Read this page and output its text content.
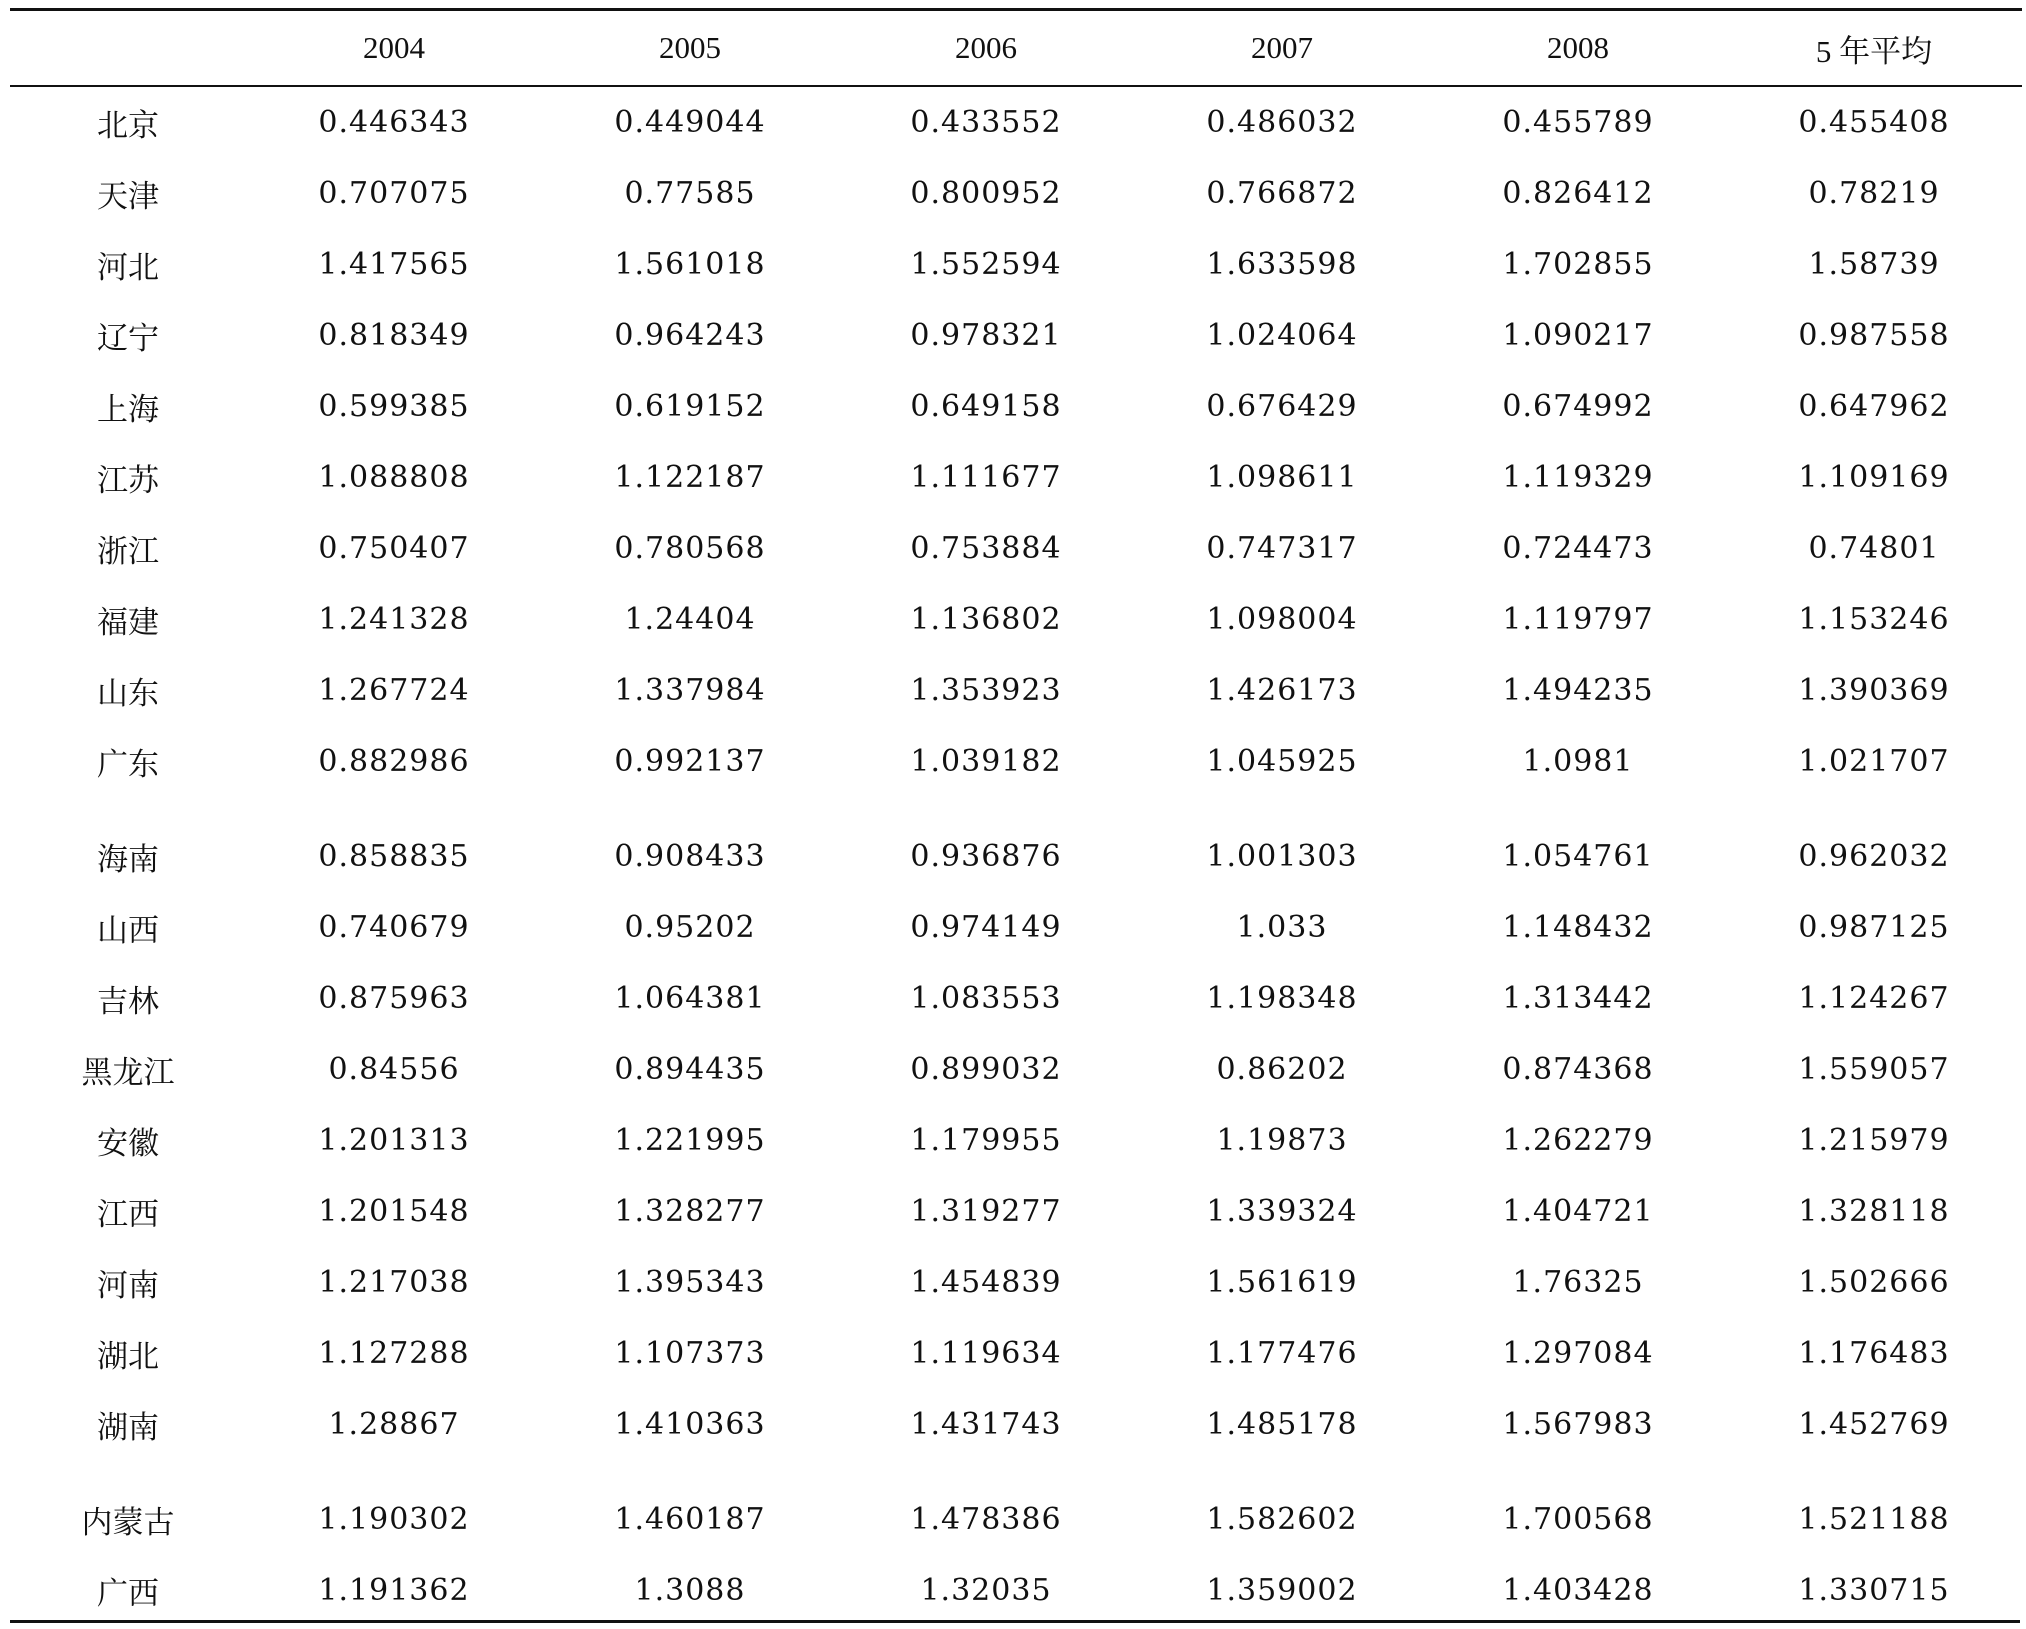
	2004	2005	2006	2007	2008	5 年平均
北京	0.446343	0.449044	0.433552	0.486032	0.455789	0.455408
天津	0.707075	0.77585	0.800952	0.766872	0.826412	0.78219
河北	1.417565	1.561018	1.552594	1.633598	1.702855	1.58739
辽宁	0.818349	0.964243	0.978321	1.024064	1.090217	0.987558
上海	0.599385	0.619152	0.649158	0.676429	0.674992	0.647962
江苏	1.088808	1.122187	1.111677	1.098611	1.119329	1.109169
浙江	0.750407	0.780568	0.753884	0.747317	0.724473	0.74801
福建	1.241328	1.24404	1.136802	1.098004	1.119797	1.153246
山东	1.267724	1.337984	1.353923	1.426173	1.494235	1.390369
广东	0.882986	0.992137	1.039182	1.045925	1.0981	1.021707
海南	0.858835	0.908433	0.936876	1.001303	1.054761	0.962032
山西	0.740679	0.95202	0.974149	1.033	1.148432	0.987125
吉林	0.875963	1.064381	1.083553	1.198348	1.313442	1.124267
黑龙江	0.84556	0.894435	0.899032	0.86202	0.874368	1.559057
安徽	1.201313	1.221995	1.179955	1.19873	1.262279	1.215979
江西	1.201548	1.328277	1.319277	1.339324	1.404721	1.328118
河南	1.217038	1.395343	1.454839	1.561619	1.76325	1.502666
湖北	1.127288	1.107373	1.119634	1.177476	1.297084	1.176483
湖南	1.28867	1.410363	1.431743	1.485178	1.567983	1.452769
内蒙古	1.190302	1.460187	1.478386	1.582602	1.700568	1.521188
广西	1.191362	1.3088	1.32035	1.359002	1.403428	1.330715
